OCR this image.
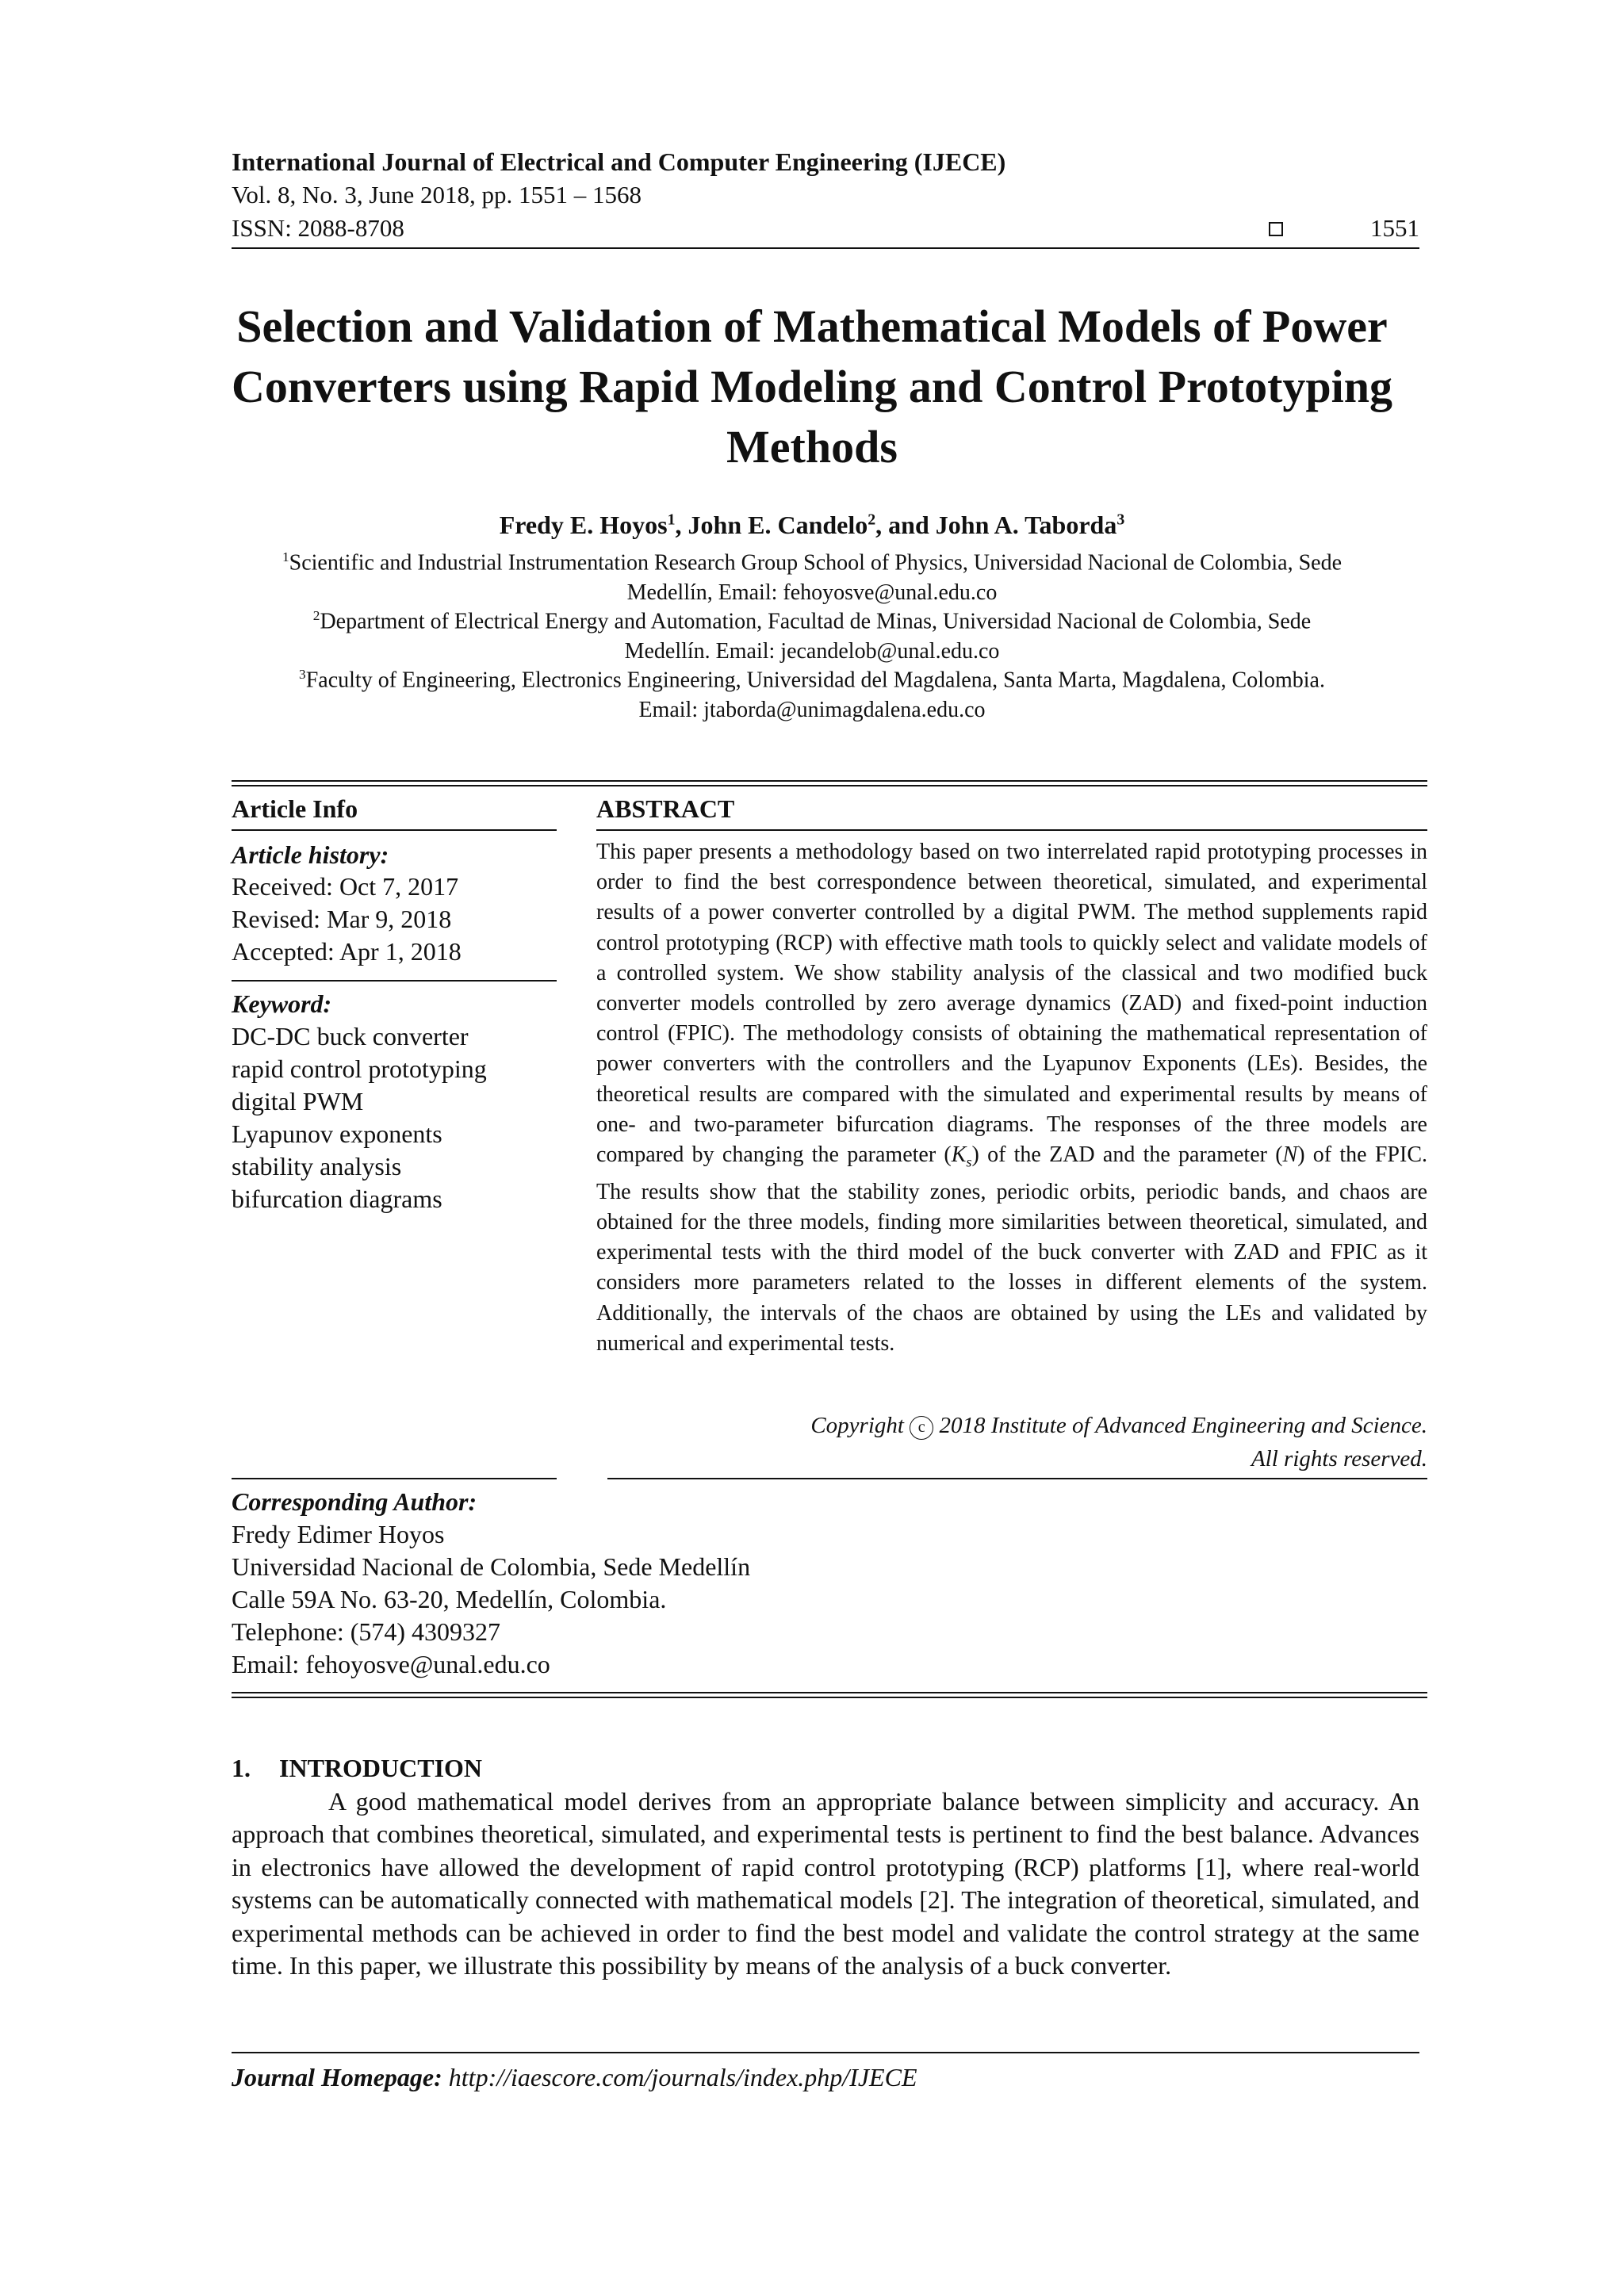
International Journal of Electrical and Computer Engineering (IJECE)
Vol. 8, No. 3, June 2018, pp. 1551 – 1568
ISSN: 2088-8708	1551
Selection and Validation of Mathematical Models of Power
Converters using Rapid Modeling and Control Prototyping
Methods
Fredy E. Hoyos$^1$, John E. Candelo$^2$, and John A. Taborda$^3$
$^1$Scientific and Industrial Instrumentation Research Group School of Physics, Universidad Nacional de Colombia, Sede
Medellín, Email: fehoyosve@unal.edu.co
$^2$Department of Electrical Energy and Automation, Facultad de Minas, Universidad Nacional de Colombia, Sede
Medellín. Email: jecandelob@unal.edu.co
$^3$Faculty of Engineering, Electronics Engineering, Universidad del Magdalena, Santa Marta, Magdalena, Colombia.
Email: jtaborda@unimagdalena.edu.co
Article Info
Article history:
Received: Oct 7, 2017
Revised: Mar 9, 2018
Accepted: Apr 1, 2018
Keyword:
DC-DC buck converter
rapid control prototyping
digital PWM
Lyapunov exponents
stability analysis
bifurcation diagrams
ABSTRACT
This paper presents a methodology based on two interrelated rapid prototyping processes in order to find the best correspondence between theoretical, simulated, and experimental results of a power converter controlled by a digital PWM. The method supplements rapid control prototyping (RCP) with effective math tools to quickly select and validate models of a controlled system. We show stability analysis of the classical and two modified buck converter models controlled by zero average dynamics (ZAD) and fixed-point induction control (FPIC). The methodology consists of obtaining the mathematical representation of power converters with the controllers and the Lyapunov Exponents (LEs). Besides, the theoretical results are compared with the simulated and experimental results by means of one- and two-parameter bifurcation diagrams. The responses of the three models are compared by changing the parameter $(K_s)$ of the ZAD and the parameter (N) of the FPIC. The results show that the stability zones, periodic orbits, periodic bands, and chaos are obtained for the three models, finding more similarities between theoretical, simulated, and experimental tests with the third model of the buck converter with ZAD and FPIC as it considers more parameters related to the losses in different elements of the system. Additionally, the intervals of the chaos are obtained by using the LEs and validated by numerical and experimental tests.
Copyright c 2018 Institute of Advanced Engineering and Science.
All rights reserved.
Corresponding Author:
Fredy Edimer Hoyos
Universidad Nacional de Colombia, Sede Medellín
Calle 59A No. 63-20, Medellín, Colombia.
Telephone: (574) 4309327
Email: fehoyosve@unal.edu.co
1. INTRODUCTION
A good mathematical model derives from an appropriate balance between simplicity and accuracy. An approach that combines theoretical, simulated, and experimental tests is pertinent to find the best balance. Advances in electronics have allowed the development of rapid control prototyping (RCP) platforms [1], where real-world systems can be automatically connected with mathematical models [2]. The integration of theoretical, simulated, and experimental methods can be achieved in order to find the best model and validate the control strategy at the same time. In this paper, we illustrate this possibility by means of the analysis of a buck converter.
Journal Homepage: http://iaescore.com/journals/index.php/IJECE
